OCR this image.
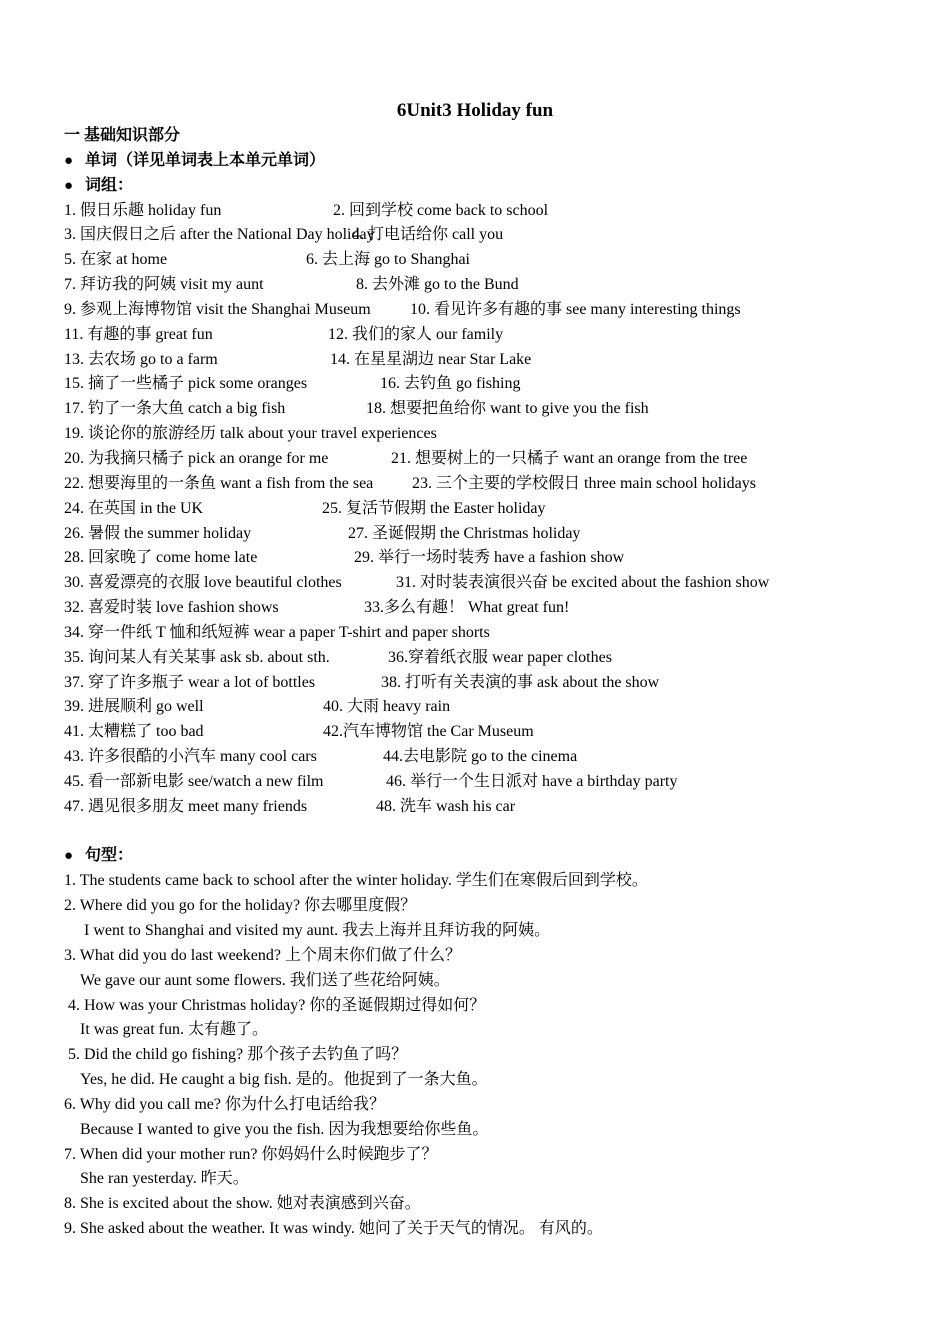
6Unit3 Holiday fun
一 基础知识部分
● 单词（详见单词表上本单元单词）
● 词组：
1. 假日乐趣 holiday fun	2. 回到学校 come back to school
3. 国庆假日之后 after the National Day holiday
4. 打电话给你 call you
5. 在家 at home	6. 去上海 go to Shanghai
7. 拜访我的阿姨 visit my aunt	8. 去外滩 go to the Bund
9. 参观上海博物馆 visit the Shanghai Museum 10. 看见许多有趣的事 see many interesting things
11. 有趣的事 great fun	12. 我们的家人 our family
13. 去农场 go to a farm	14. 在星星湖边 near Star Lake
15. 摘了一些橘子 pick some oranges	16. 去钓鱼 go fishing
17. 钓了一条大鱼 catch a big fish	18. 想要把鱼给你 want to give you the fish
19. 谈论你的旅游经历 talk about your travel experiences
20. 为我摘只橘子 pick an orange for me	21. 想要树上的一只橘子 want an orange from the tree
22. 想要海里的一条鱼 want a fish from the sea 23. 三个主要的学校假日 three main school holidays
24. 在英国 in the UK	25. 复活节假期 the Easter holiday
26. 暑假 the summer holiday	27. 圣诞假期 the Christmas holiday
28. 回家晚了 come home late	29. 举行一场时装秀 have a fashion show
30. 喜爱漂亮的衣服 love beautiful clothes	31. 对时装表演很兴奋 be excited about the fashion show
32. 喜爱时装 love fashion shows	33.多么有趣！ What great fun!
34. 穿一件纸 T 恤和纸短裤 wear a paper T-shirt and paper shorts
35. 询问某人有关某事 ask sb. about sth.	36.穿着纸衣服 wear paper clothes
37. 穿了许多瓶子 wear a lot of bottles	38. 打听有关表演的事 ask about the show
39. 进展顺利 go well	40. 大雨 heavy rain
41. 太糟糕了 too bad	42.汽车博物馆 the Car Museum
43. 许多很酷的小汽车 many cool cars	44.去电影院 go to the cinema
45. 看一部新电影 see/watch a new film	46. 举行一个生日派对 have a birthday party
47. 遇见很多朋友 meet many friends	48. 洗车 wash his car
● 句型：
1. The students came back to school after the winter holiday. 学生们在寒假后回到学校。
2. Where did you go for the holiday? 你去哪里度假？
I went to Shanghai and visited my aunt. 我去上海并且拜访我的阿姨。
3. What did you do last weekend? 上个周末你们做了什么？
We gave our aunt some flowers. 我们送了些花给阿姨。
4. How was your Christmas holiday? 你的圣诞假期过得如何？
It was great fun. 太有趣了。
5. Did the child go fishing? 那个孩子去钓鱼了吗？
Yes, he did. He caught a big fish. 是的。他捉到了一条大鱼。
6. Why did you call me? 你为什么打电话给我？
Because I wanted to give you the fish. 因为我想要给你些鱼。
7. When did your mother run? 你妈妈什么时候跑步了？
She ran yesterday. 昨天。
8. She is excited about the show. 她对表演感到兴奋。
9. She asked about the weather. It was windy. 她问了关于天气的情况。 有风的。
